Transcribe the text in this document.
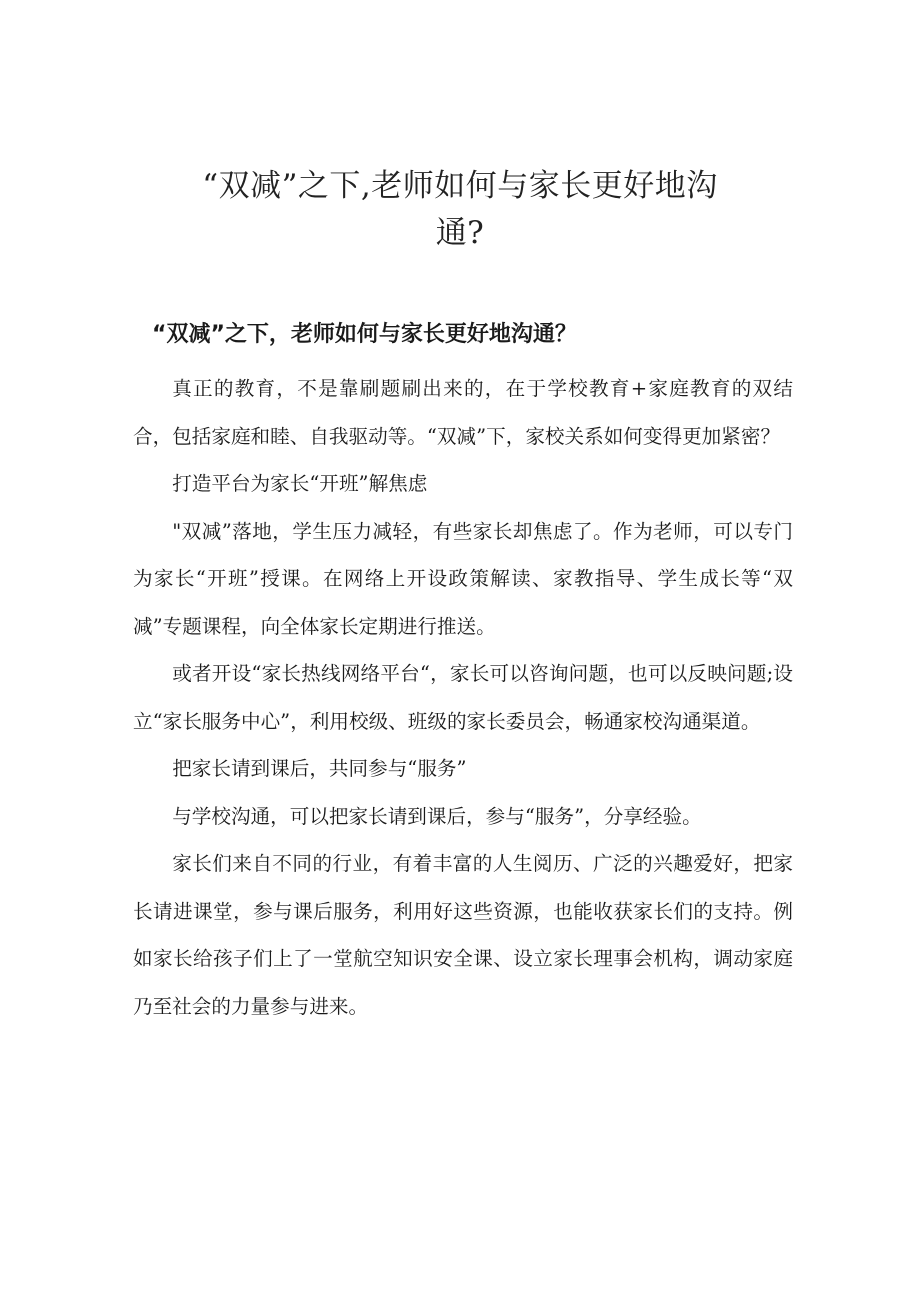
“双减”之下,老师如何与家长更好地沟
通?
“双减”之下，老师如何与家长更好地沟通？

真正的教育，不是靠刷题刷出来的，在于学校教育+家庭教育的双结合，包括家庭和睦、自我驱动等。“双减”下，家校关系如何变得更加紧密？

打造平台为家长“开班”解焦虑

"双减”落地，学生压力减轻，有些家长却焦虑了。作为老师，可以专门为家长“开班”授课。在网络上开设政策解读、家教指导、学生成长等“双减”专题课程，向全体家长定期进行推送。

或者开设“家长热线网络平台“，家长可以咨询问题，也可以反映问题;设立“家长服务中心”，利用校级、班级的家长委员会，畅通家校沟通渠道。

把家长请到课后，共同参与“服务”

与学校沟通，可以把家长请到课后，参与“服务”，分享经验。

家长们来自不同的行业，有着丰富的人生阅历、广泛的兴趣爱好，把家长请进课堂，参与课后服务，利用好这些资源，也能收获家长们的支持。例如家长给孩子们上了一堂航空知识安全课、设立家长理事会机构，调动家庭乃至社会的力量参与进来。
